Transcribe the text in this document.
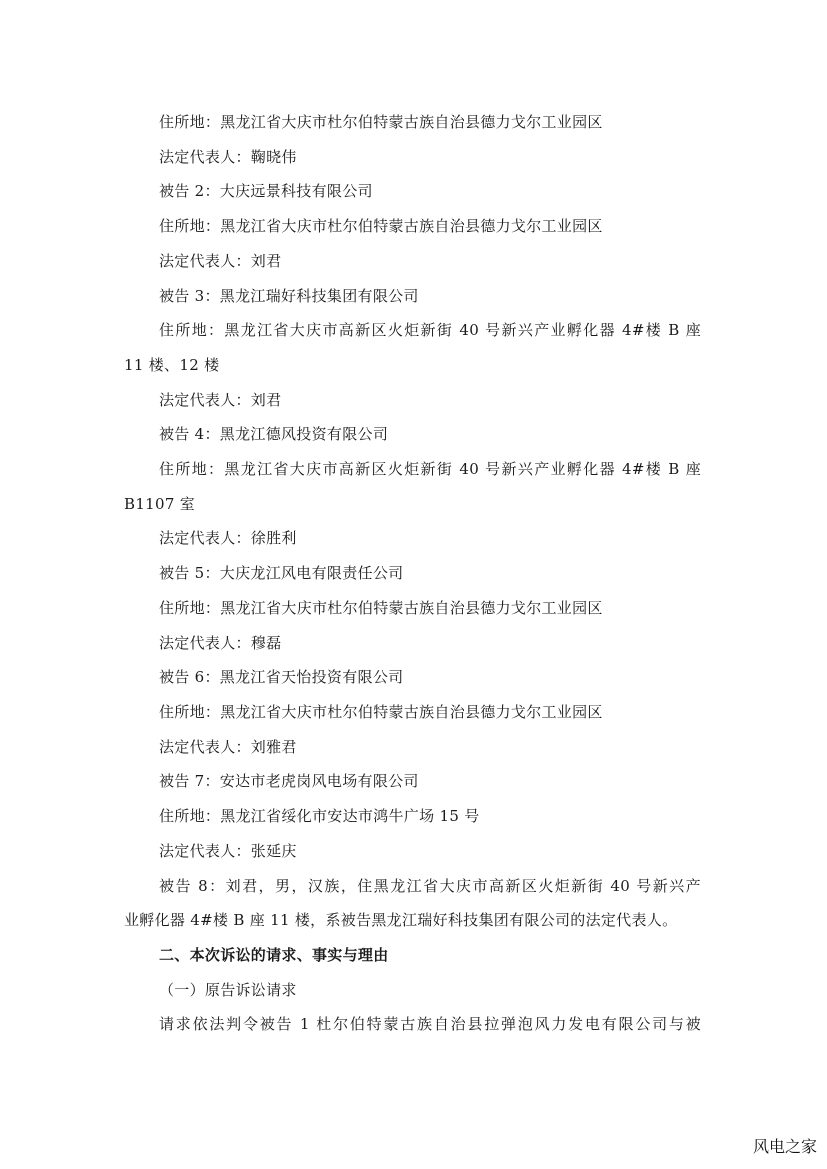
住所地：黑龙江省大庆市杜尔伯特蒙古族自治县德力戈尔工业园区
法定代表人：鞠晓伟
被告 2：大庆远景科技有限公司
住所地：黑龙江省大庆市杜尔伯特蒙古族自治县德力戈尔工业园区
法定代表人：刘君
被告 3：黑龙江瑞好科技集团有限公司
住所地：黑龙江省大庆市高新区火炬新街 40 号新兴产业孵化器 4#楼 B 座
11 楼、12 楼
法定代表人：刘君
被告 4：黑龙江德风投资有限公司
住所地：黑龙江省大庆市高新区火炬新街 40 号新兴产业孵化器 4#楼 B 座
B1107 室
法定代表人：徐胜利
被告 5：大庆龙江风电有限责任公司
住所地：黑龙江省大庆市杜尔伯特蒙古族自治县德力戈尔工业园区
法定代表人：穆磊
被告 6：黑龙江省天怡投资有限公司
住所地：黑龙江省大庆市杜尔伯特蒙古族自治县德力戈尔工业园区
法定代表人：刘雅君
被告 7：安达市老虎岗风电场有限公司
住所地：黑龙江省绥化市安达市鸿牛广场 15 号
法定代表人：张延庆
被告 8：刘君，男，汉族，住黑龙江省大庆市高新区火炬新街 40 号新兴产
业孵化器 4#楼 B 座 11 楼，系被告黑龙江瑞好科技集团有限公司的法定代表人。
二、本次诉讼的请求、事实与理由
（一）原告诉讼请求
请求依法判令被告 1 杜尔伯特蒙古族自治县拉弹泡风力发电有限公司与被
风电之家
